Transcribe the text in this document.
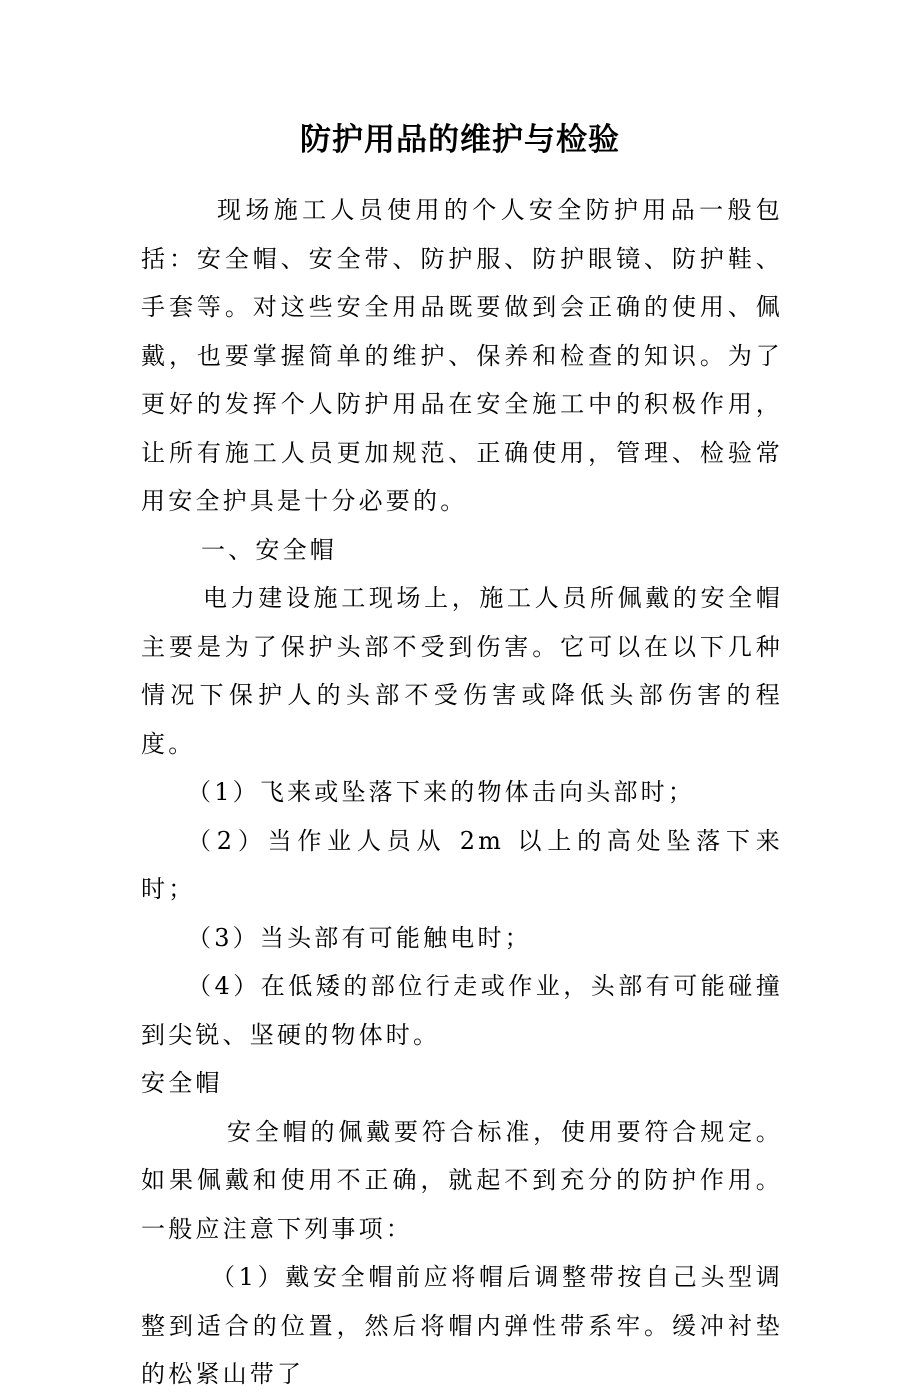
防护用品的维护与检验

现场施工人员使用的个人安全防护用品一般包括：安全帽、安全带、防护服、防护眼镜、防护鞋、手套等。对这些安全用品既要做到会正确的使用、佩戴，也要掌握简单的维护、保养和检查的知识。为了更好的发挥个人防护用品在安全施工中的积极作用，让所有施工人员更加规范、正确使用，管理、检验常用安全护具是十分必要的。

一、安全帽

电力建设施工现场上，施工人员所佩戴的安全帽主要是为了保护头部不受到伤害。它可以在以下几种情况下保护人的头部不受伤害或降低头部伤害的程度。

（1）飞来或坠落下来的物体击向头部时；

（2）当作业人员从 2m 以上的高处坠落下来时；

（3）当头部有可能触电时；

（4）在低矮的部位行走或作业，头部有可能碰撞到尖锐、坚硬的物体时。

安全帽

安全帽的佩戴要符合标准，使用要符合规定。如果佩戴和使用不正确，就起不到充分的防护作用。一般应注意下列事项：

（1）戴安全帽前应将帽后调整带按自己头型调整到适合的位置，然后将帽内弹性带系牢。缓冲衬垫的松紧山带了
